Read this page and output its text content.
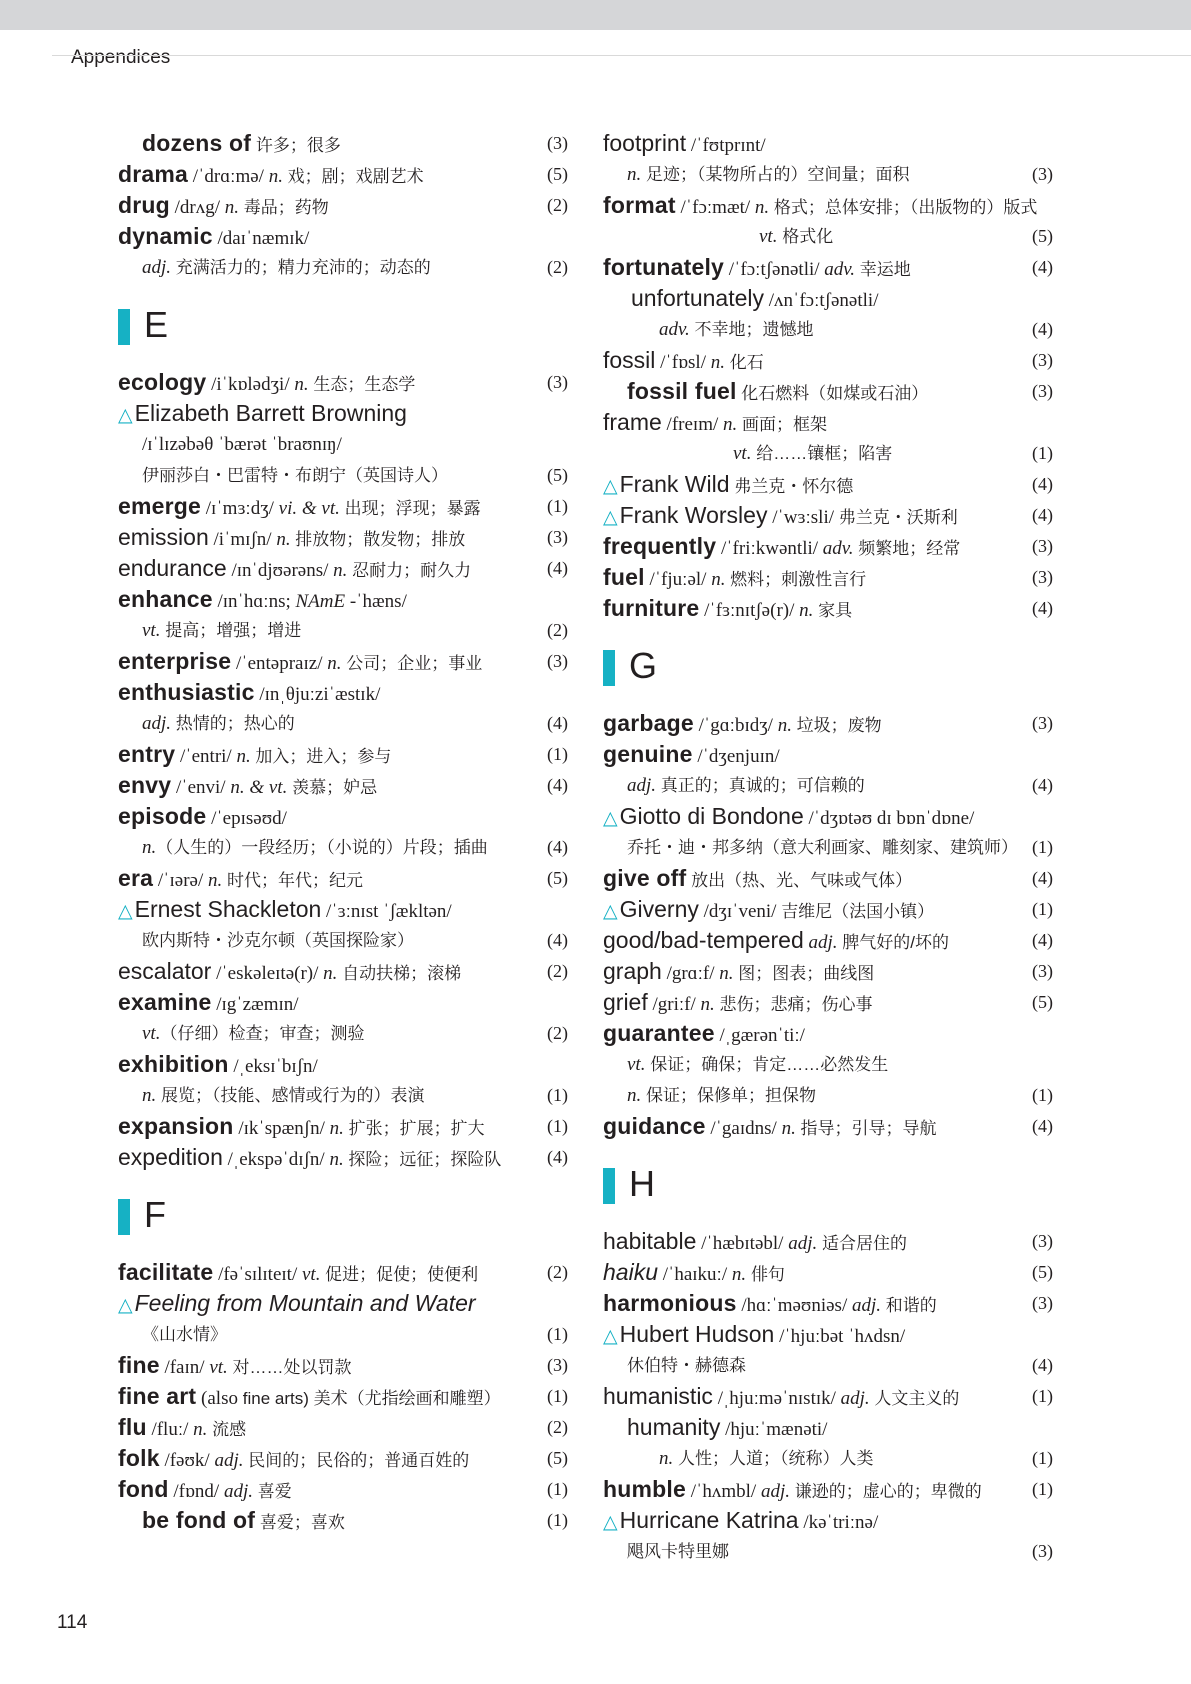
Appendices
dozens of 许多；很多	(3)
drama /ˈdrɑːmə/ n. 戏；剧；戏剧艺术	(5)
drug /drʌg/ n. 毒品；药物	(2)
dynamic /daɪˈnæmɪk/
adj. 充满活力的；精力充沛的；动态的	(2)
E
ecology /iˈkɒlədʒi/ n. 生态；生态学	(3)
△Elizabeth Barrett Browning
/ɪˈlɪzəbəθ ˈbærət ˈbraʊnɪŋ/
伊丽莎白・巴雷特・布朗宁（英国诗人）	(5)
emerge /ɪˈmɜːdʒ/ vi. & vt. 出现；浮现；暴露	(1)
emission /iˈmɪʃn/ n. 排放物；散发物；排放	(3)
endurance /ɪnˈdjʊərəns/ n. 忍耐力；耐久力	(4)
enhance /ɪnˈhɑːns; NAmE -ˈhæns/
vt. 提高；增强；增进	(2)
enterprise /ˈentəpraɪz/ n. 公司；企业；事业	(3)
enthusiastic /ɪnˌθjuːziˈæstɪk/
adj. 热情的；热心的	(4)
entry /ˈentri/ n. 加入；进入；参与	(1)
envy /ˈenvi/ n. & vt. 羡慕；妒忌	(4)
episode /ˈepɪsəʊd/
n.（人生的）一段经历；（小说的）片段；插曲	(4)
era /ˈɪərə/ n. 时代；年代；纪元	(5)
△Ernest Shackleton /ˈɜːnɪst ˈʃækltən/
欧内斯特・沙克尔顿（英国探险家）	(4)
escalator /ˈeskəleɪtə(r)/ n. 自动扶梯；滚梯	(2)
examine /ɪgˈzæmɪn/
vt.（仔细）检查；审查；测验	(2)
exhibition /ˌeksɪˈbɪʃn/
n. 展览；（技能、感情或行为的）表演	(1)
expansion /ɪkˈspænʃn/ n. 扩张；扩展；扩大	(1)
expedition /ˌekspəˈdɪʃn/ n. 探险；远征；探险队	(4)
F
facilitate /fəˈsɪlɪteɪt/ vt. 促进；促使；使便利	(2)
△Feeling from Mountain and Water
《山水情》	(1)
fine /faɪn/ vt. 对……处以罚款	(3)
fine art (also fine arts) 美术（尤指绘画和雕塑）	(1)
flu /fluː/ n. 流感	(2)
folk /fəʊk/ adj. 民间的；民俗的；普通百姓的	(5)
fond /fɒnd/ adj. 喜爱	(1)
be fond of 喜爱；喜欢	(1)
footprint /ˈfʊtprɪnt/
n. 足迹；（某物所占的）空间量；面积	(3)
format /ˈfɔːmæt/ n. 格式；总体安排；（出版物的）版式
vt. 格式化	(5)
fortunately /ˈfɔːtʃənətli/ adv. 幸运地	(4)
unfortunately /ʌnˈfɔːtʃənətli/
adv. 不幸地；遗憾地	(4)
fossil /ˈfɒsl/ n. 化石	(3)
fossil fuel 化石燃料（如煤或石油）	(3)
frame /freɪm/ n. 画面；框架
vt. 给……镶框；陷害	(1)
△Frank Wild 弗兰克・怀尔德	(4)
△Frank Worsley /ˈwɜːsli/ 弗兰克・沃斯利	(4)
frequently /ˈfriːkwəntli/ adv. 频繁地；经常	(3)
fuel /ˈfjuːəl/ n. 燃料；刺激性言行	(3)
furniture /ˈfɜːnɪtʃə(r)/ n. 家具	(4)
G
garbage /ˈgɑːbɪdʒ/ n. 垃圾；废物	(3)
genuine /ˈdʒenjuɪn/
adj. 真正的；真诚的；可信赖的	(4)
△Giotto di Bondone /ˈdʒɒtəʊ dɪ bɒnˈdɒne/
乔托・迪・邦多纳（意大利画家、雕刻家、建筑师） (1)
give off 放出（热、光、气味或气体）	(4)
△Giverny /dʒɪˈveni/ 吉维尼（法国小镇）	(1)
good/bad-tempered adj. 脾气好的/坏的	(4)
graph /grɑːf/ n. 图；图表；曲线图	(3)
grief /griːf/ n. 悲伤；悲痛；伤心事	(5)
guarantee /ˌgærənˈtiː/
vt. 保证；确保；肯定……必然发生
n. 保证；保修单；担保物	(1)
guidance /ˈgaɪdns/ n. 指导；引导；导航	(4)
H
habitable /ˈhæbɪtəbl/ adj. 适合居住的	(3)
haiku /ˈhaɪkuː/ n. 俳句	(5)
harmonious /hɑːˈməʊniəs/ adj. 和谐的	(3)
△Hubert Hudson /ˈhjuːbət ˈhʌdsn/
休伯特・赫德森	(4)
humanistic /ˌhjuːməˈnɪstɪk/ adj. 人文主义的	(1)
humanity /hjuːˈmænəti/
n. 人性；人道；（统称）人类	(1)
humble /ˈhʌmbl/ adj. 谦逊的；虚心的；卑微的	(1)
△Hurricane Katrina /kəˈtriːnə/
飓风卡特里娜	(3)
114
